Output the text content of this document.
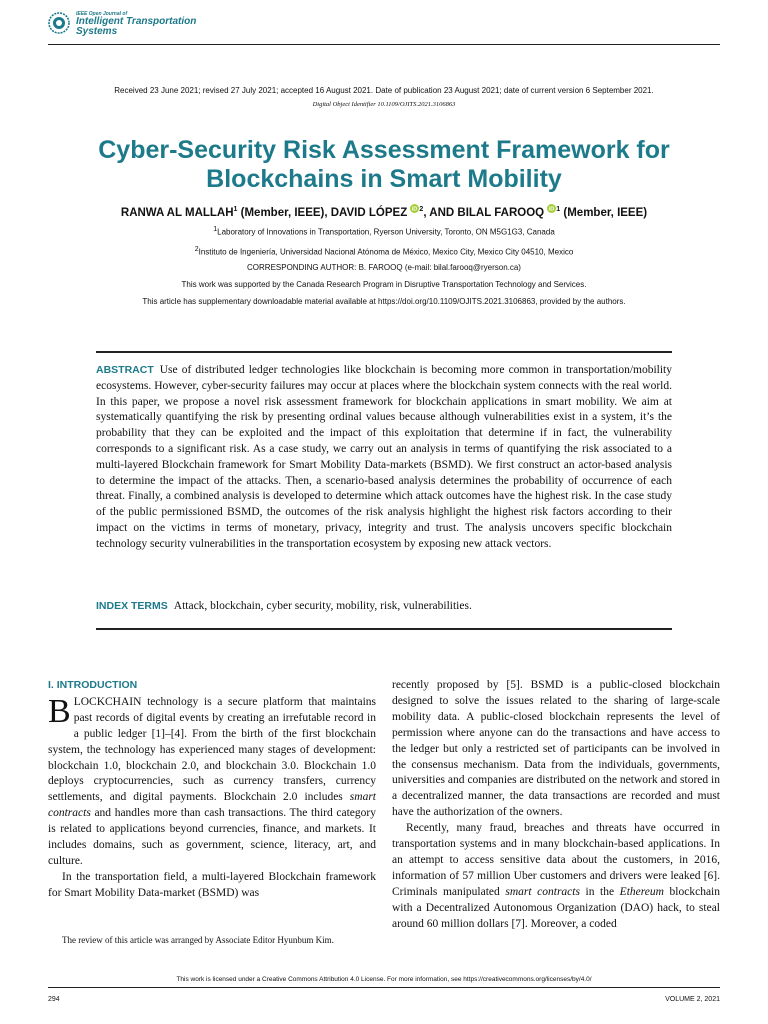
IEEE Open Journal of
Intelligent Transportation
Systems
Received 23 June 2021; revised 27 July 2021; accepted 16 August 2021. Date of publication 23 August 2021; date of current version 6 September 2021.
Digital Object Identifier 10.1109/OJITS.2021.3106863
Cyber-Security Risk Assessment Framework for
Blockchains in Smart Mobility
RANWA AL MALLAH$^1$ (Member, IEEE), DAVID LÓPEZ iD $^2$, AND BILAL FAROOQ iD $^1$ (Member, IEEE)
$^1$Laboratory of Innovations in Transportation, Ryerson University, Toronto, ON M5G1G3, Canada
$^2$Instituto de Ingeniería, Universidad Nacional Atónoma de México, Mexico City, Mexico City 04510, Mexico
CORRESPONDING AUTHOR: B. FAROOQ (e-mail: bilal.farooq@ryerson.ca)
This work was supported by the Canada Research Program in Disruptive Transportation Technology and Services.
This article has supplementary downloadable material available at https://doi.org/10.1109/OJITS.2021.3106863, provided by the authors.
ABSTRACT Use of distributed ledger technologies like blockchain is becoming more common in transportation/mobility ecosystems. However, cyber-security failures may occur at places where the blockchain system connects with the real world. In this paper, we propose a novel risk assessment framework for blockchain applications in smart mobility. We aim at systematically quantifying the risk by presenting ordinal values because although vulnerabilities exist in a system, it’s the probability that they can be exploited and the impact of this exploitation that determine if in fact, the vulnerability corresponds to a significant risk. As a case study, we carry out an analysis in terms of quantifying the risk associated to a multi-layered Blockchain framework for Smart Mobility Data-markets (BSMD). We first construct an actor-based analysis to determine the impact of the attacks. Then, a scenario-based analysis determines the probability of occurrence of each threat. Finally, a combined analysis is developed to determine which attack outcomes have the highest risk. In the case study of the public permissioned BSMD, the outcomes of the risk analysis highlight the highest risk factors according to their impact on the victims in terms of monetary, privacy, integrity and trust. The analysis uncovers specific blockchain technology security vulnerabilities in the transportation ecosystem by exposing new attack vectors.
INDEX TERMS Attack, blockchain, cyber security, mobility, risk, vulnerabilities.
I. INTRODUCTION

BLOCKCHAIN technology is a secure platform that maintains past records of digital events by creating an irrefutable record in a public ledger [1]–[4]. From the birth of the first blockchain system, the technology has experienced many stages of development: blockchain 1.0, blockchain 2.0, and blockchain 3.0. Blockchain 1.0 deploys cryptocurrencies, such as currency transfers, currency settlements, and digital payments. Blockchain 2.0 includes smart contracts and handles more than cash transactions. The third category is related to applications beyond currencies, finance, and markets. It includes domains, such as government, science, literacy, art, and culture.

In the transportation field, a multi-layered Blockchain framework for Smart Mobility Data-market (BSMD) was

The review of this article was arranged by Associate Editor Hyunbum Kim.

recently proposed by [5]. BSMD is a public-closed blockchain designed to solve the issues related to the sharing of large-scale mobility data. A public-closed blockchain represents the level of permission where anyone can do the transactions and have access to the ledger but only a restricted set of participants can be involved in the consensus mechanism. Data from the individuals, governments, universities and companies are distributed on the network and stored in a decentralized manner, the data transactions are recorded and must have the authorization of the owners.

Recently, many fraud, breaches and threats have occurred in transportation systems and in many blockchain-based applications. In an attempt to access sensitive data about the customers, in 2016, information of 57 million Uber customers and drivers were leaked [6]. Criminals manipulated smart contracts in the Ethereum blockchain with a Decentralized Autonomous Organization (DAO) hack, to steal around 60 million dollars [7]. Moreover, a coded

This work is licensed under a Creative Commons Attribution 4.0 License. For more information, see https://creativecommons.org/licenses/by/4.0/
294	VOLUME 2, 2021
